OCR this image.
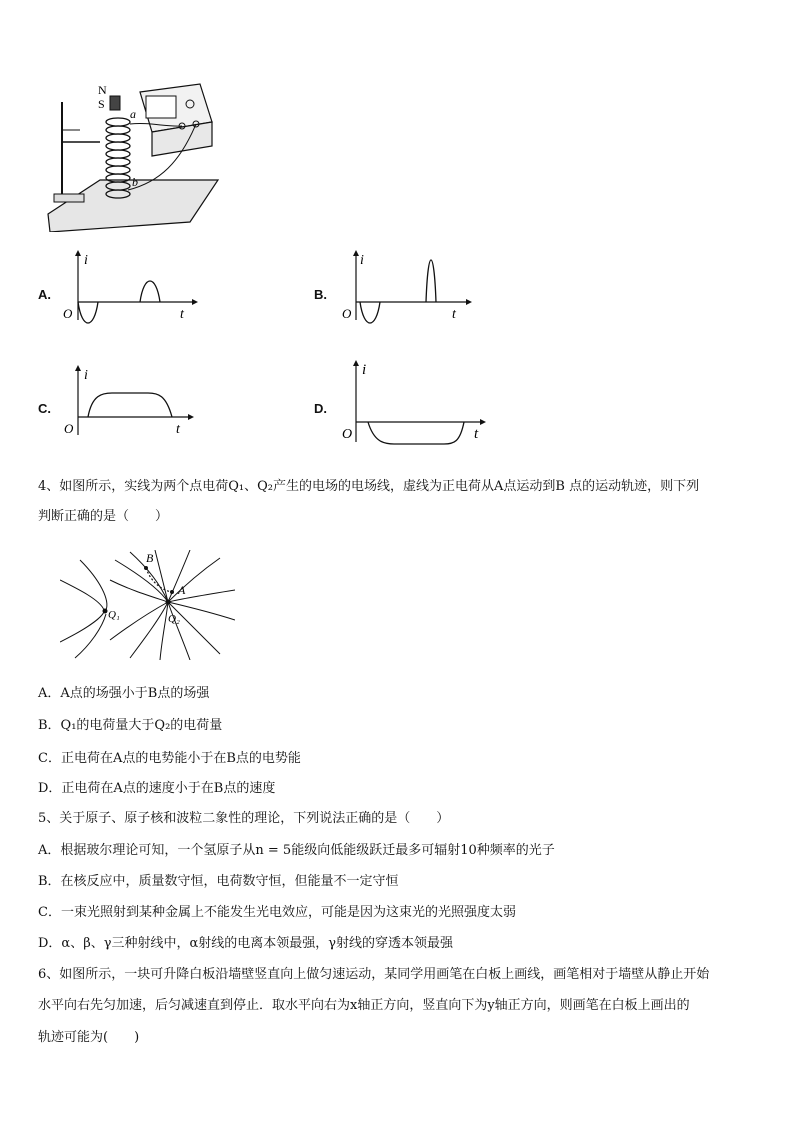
N
S
a
b
A.
i
O	t
B.
i
O	t
C.
i
O	t
D.
i
O	t
4、如图所示，实线为两个点电荷Q₁、Q₂产生的电场的电场线，虚线为正电荷从A点运动到B 点的运动轨迹，则下列
判断正确的是（　　）
B
A
Q₁	Q₂
A．A点的场强小于B点的场强
B．Q₁的电荷量大于Q₂的电荷量
C．正电荷在A点的电势能小于在B点的电势能
D．正电荷在A点的速度小于在B点的速度
5、关于原子、原子核和波粒二象性的理论，下列说法正确的是（　　）
A．根据玻尔理论可知，一个氢原子从n = 5能级向低能级跃迁最多可辐射10种频率的光子
B．在核反应中，质量数守恒，电荷数守恒，但能量不一定守恒
C．一束光照射到某种金属上不能发生光电效应，可能是因为这束光的光照强度太弱
D．α、β、γ三种射线中，α射线的电离本领最强，γ射线的穿透本领最强
6、如图所示，一块可升降白板沿墙壁竖直向上做匀速运动，某同学用画笔在白板上画线，画笔相对于墙壁从静止开始
水平向右先匀加速，后匀减速直到停止．取水平向右为x轴正方向，竖直向下为y轴正方向，则画笔在白板上画出的
轨迹可能为(　　)
